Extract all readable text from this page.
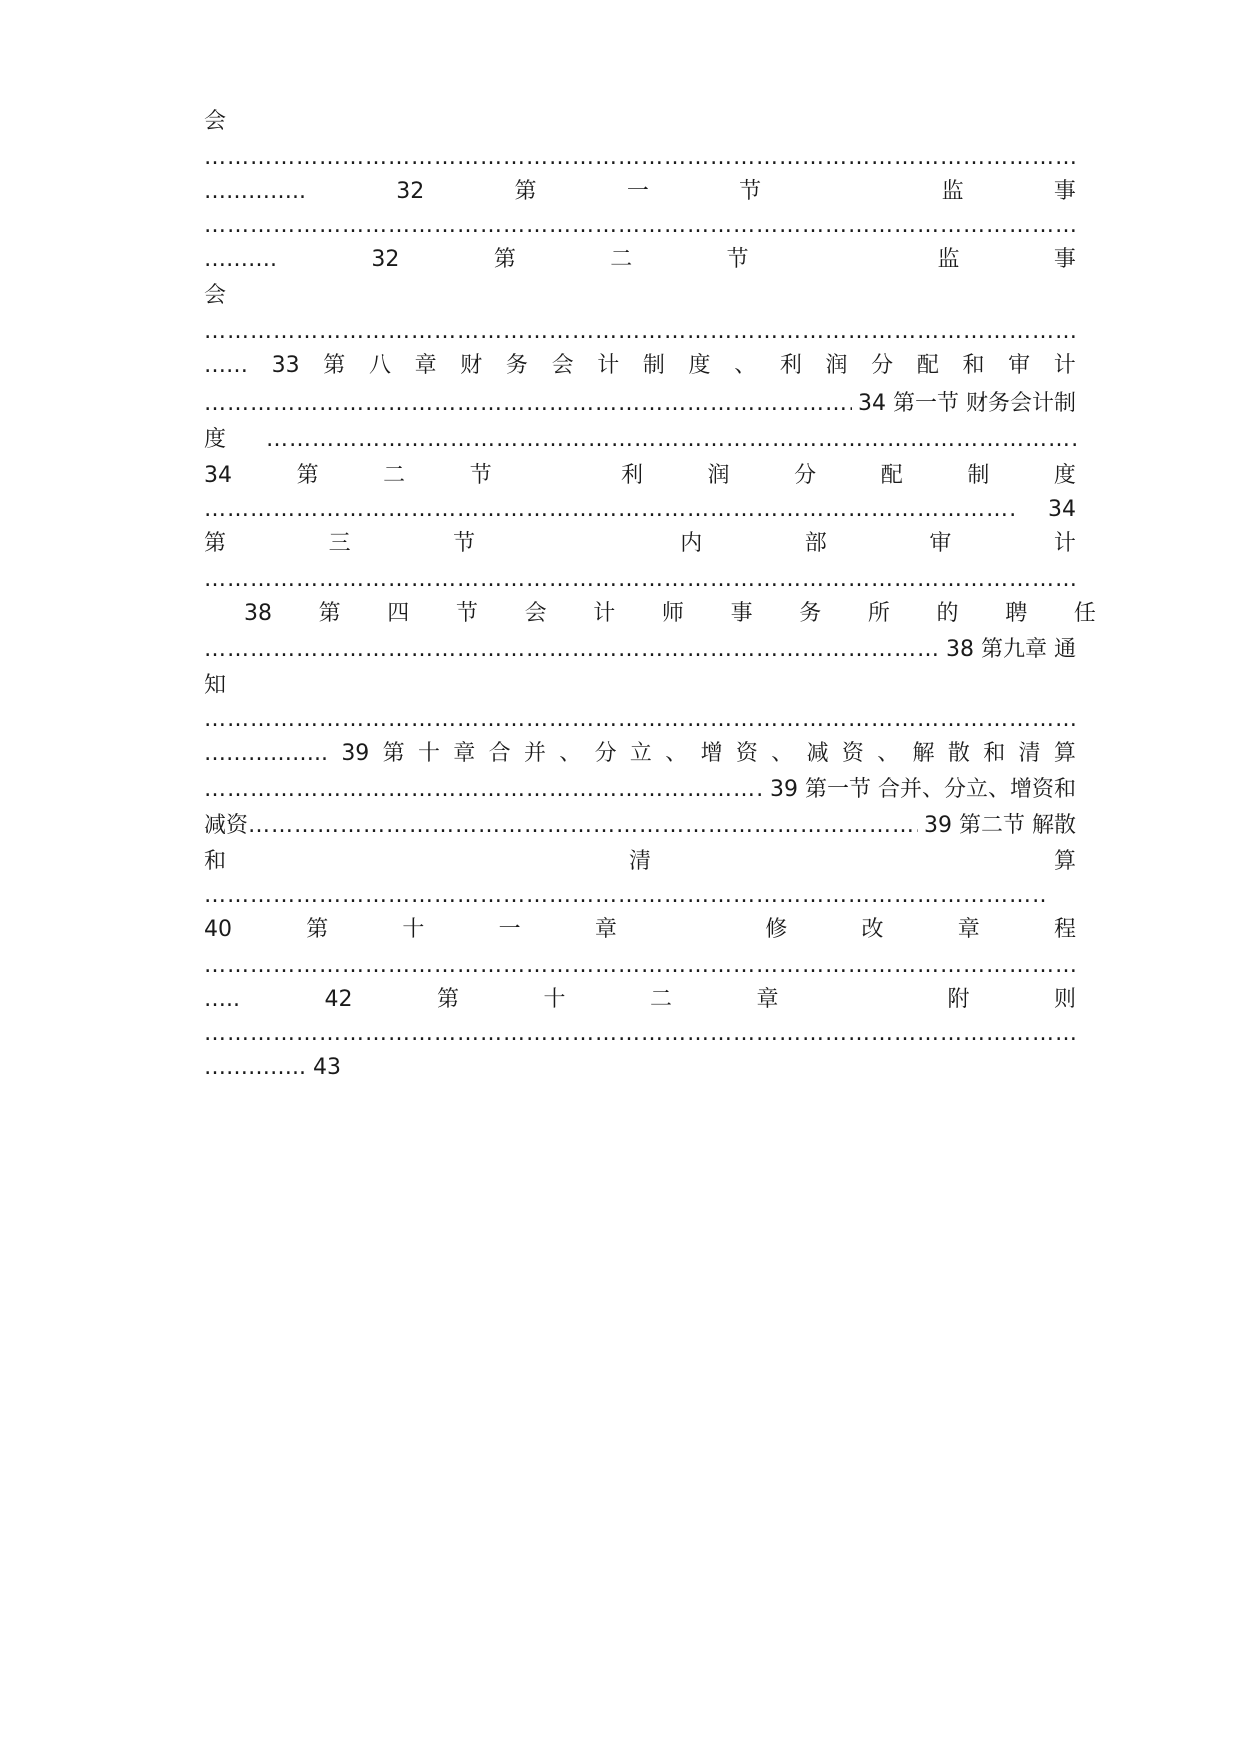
会
…………………………………………………………………………………………………………………………………………………………………………………………………………………………………………………………
…………..	32	第	一	节	监	事
…………………………………………………………………………………………………………………………………………………………………………………………………………………………………………………………
……….	32	第	二	节	监	事
会
…………………………………………………………………………………………………………………………………………………………………………………………………………………………………………………………
…… 33 第 八 章 财 务 会 计 制 度 、 利 润 分 配 和 审 计
…………………………………………………………………………………………………………………………………………………………………………………………………………………………………………………………
34 第一节 财务会计制
度
…………………………………………………………………………………………………………………………………………………………………………………………………………………………………………………………
34	第	二	节	利	润	分	配	制	度
…………………………………………………………………………………………………………………………………………………………………………………………………………………………………………………………
34
第	三	节	内	部	审	计
…………………………………………………………………………………………………………………………………………………………………………………………………………………………………………………………
38 第 四 节 会 计 师 事 务 所 的 聘 任
…………………………………………………………………………………………………………………………………………………………………………………………………………………………………………………………
38 第九章 通
知
…………………………………………………………………………………………………………………………………………………………………………………………………………………………………………………………
…………….. 39 第 十 章 合 并 、 分 立 、 增 资 、 减 资 、 解 散 和 清 算
…………………………………………………………………………………………………………………………………………………………………………………………………………………………………………………………
39 第一节 合并、分立、增资和
减资
…………………………………………………………………………………………………………………………………………………………………………………………………………………………………………………………	39 第二节 解散
和	清	算
…………………………………………………………………………………………………………………………………………………………………………………………………………………………………………………………
40	第	十	一	章	修	改	章	程
…………………………………………………………………………………………………………………………………………………………………………………………………………………………………………………………
…..	42	第	十	二	章	附	则
…………………………………………………………………………………………………………………………………………………………………………………………………………………………………………………………
………….. 43
